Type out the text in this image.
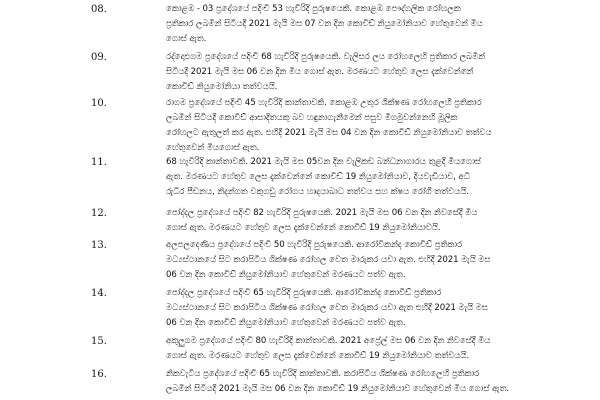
08.	කොළඹ - 03 ප්‍රදේශයේ පදිංචි 53 හැවිරිදි පුරුෂයෙකි. කොළඹ පෞද්ගලික රෝහලක
ප්‍රතිකාර ලබමින් සිටියදී 2021 මැයි මස 07 වන දින කොවිඩ් නියුමෝනියාව හේතුවෙන් මිය
ගොස් ඇත.
09.	රද්දොළුගම ප්‍රදේශයේ පදිංචි 68 හැවිරිදි පුරුෂයෙකි. වැලිසර ලය රෝහලෙහි ප්‍රතිකාර ලබමින්
සිටියදී 2021 මැයි මස 06 වන දින මිය ගොස් ඇත. මරණයට හේතුව ලෙස දැක්වෙන්නේ
කොවිඩ් නියුමෝනියා තත්වයයි.
10.	රාගම ප්‍රදේශයේ පදිංචි 45 හැවිරිදි කාන්තාවකි. කොළඹ උතුර ශික්ෂණ රෝහලෙහි ප්‍රතිකාර
ලබමින් සිටියදී කොවිඩ් ආසාදිතයකු බව හඳුනාගැනීමෙන් පසුව මීගමුවන්නෙහි මූලික
රෝහලට ඇතුලත් කර ඇත. එහිදී 2021 මැයි මස 04 වන දින කොවිඩ් නියුමෝනියාව තත්වය
හේතුවෙන් මියගොස් ඇත.
11.	68 හැවිරිදි කාන්තාවකි. 2021 මැයි මස 05වන දින වැලිකඩ බන්ධනාගාරය තුළදී මියගොස්
ඇත. මරණයට හේතුව ලෙස දැක්වෙන්නේ කොවිඩ් 19 නියුමෝනියාව, දියවැඩියාව, අධි
රුධිර පීඩනය, නිදන්ගත වකුගඩු රෝගය හෘදයාබාධ තත්වය සහ ක්ෂය රෝගී තත්වයයි.
12.	පෝද්දල ප්‍රදේශයේ පදිංචි 82 හැවිරිදි පුරුෂයෙකි. 2021 මැයි මස 06 වන දින නිවසේදී මිය
ගොස් ඇත. මරණයට හේතුව ලෙස දැක්වෙන්නේ කොවිඩ් 19 නියුමෝනියාවයි.
13.	අලපලදෙණිය ප්‍රදේශයේ පදිංචි 50 හැවිරිදි පුරුෂයෙකි. ආරෝවිකන්ද කොවිඩ් ප්‍රතිකාර
මධ්‍යස්ථානයේ සිට කරාපිටිය ශික්ෂණ රෝහල වෙත මාරුකර යවා ඇත. එහිදී 2021 මැයි මස
06 වන දින කොවිඩ් නියුමෝනියාව හේතුවෙන් මරණයට පත්ව ඇත.
14.	පෝද්දල ප්‍රදේශයේ පදිංචි 65 හැවිරිදි පුරුෂයෙකි. ආරෝවිකන්ද කොවිඩ් ප්‍රතිකාර
මධ්‍යස්ථානයේ සිට කරාපිටිය ශික්ෂණ රෝහල වෙත මාරුකර යවා ඇත එහිදී 2021 මැයි මස
06 වන දින කොවිඩ් නියුමෝනියාව හේතුවෙන් මරණයට පත්ව ඇත.
15.	අකුලුගම ප්‍රදේශයේ පදිංචි 80 හැවිරිදි කාන්තාවකි. 2021 අප්‍රේල් මස 06 වන දින නිවසේදී මිය
ගොස් ඇත. මරණයට හේතුව ලෙස දැක්වෙන්නේ කොවිඩ් 19 නියුමෝනියාව තත්වයයි.
16.	නිකවැටිය ප්‍රදේශයේ පදිංචි 65 හැවිරිදි කාන්තාවකි. කරාපිටිය ශික්ෂණ රෝහලෙහි ප්‍රතිකාර
ලබමින් සිටියදී 2021 මැයි මස 06 වන දින කොවිඩ් 19 නියුමෝනියාව හේතුවෙන් මිය ගොස් ඇත.
